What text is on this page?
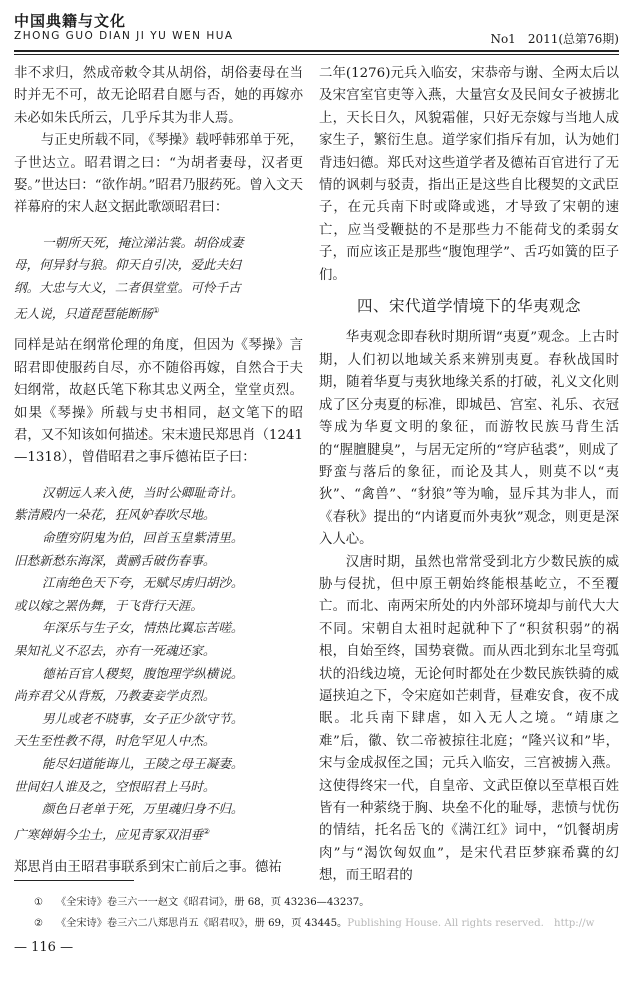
中国典籍与文化
ZHONG GUO DIAN JI YU WEN HUA	No1　2011(总第76期)

非不求归，然成帝敕令其从胡俗，胡俗妻母在当时并无不可，故无论昭君自愿与否，她的再嫁亦未必如朱氏所云，几乎斥其为非人焉。

与正史所载不同，《琴操》载呼韩邪单于死，子世达立。昭君谓之曰：“为胡者妻母，汉者更娶。”世达曰：“欲作胡。”昭君乃服药死。曾入文天祥幕府的宋人赵文据此歌颂昭君曰：

一朝所天死，掩泣涕沾裳。胡俗成妻
母，何异豺与狼。仰天自引决，爱此夫妇
纲。大忠与大义，二者俱堂堂。可怜千古
无人说，只道琵琶能断肠①

同样是站在纲常伦理的角度，但因为《琴操》言昭君即使服药自尽，亦不随俗再嫁，自然合于夫妇纲常，故赵氏笔下称其忠义两全，堂堂贞烈。如果《琴操》所载与史书相同，赵文笔下的昭君，又不知该如何描述。宋末遗民郑思肖（1241—1318），曾借昭君之事斥德祐臣子曰：

汉朝远人来入使，当时公卿耻奇计。
紫清殿内一朵花，狂风妒春吹尽地。
命堕穷阴鬼为伯，回首玉皇紫清里。
旧愁新愁东海深，黄鹂舌破伤春事。
江南绝色天下夸，无赋尽虏归胡沙。
或以嫁之罴伪舞，于飞背行天涯。
年深乐与生子女，情热比翼忘苦嗟。
果知礼义不忍去，亦有一死魂还家。
德祐百官人稷契，腹饱理学纵横说。
尚弃君父从背叛，乃教妻妾学贞烈。
男儿或老不晓事，女子正少欲守节。
天生至性教不得，时危罕见人中杰。
能尽妇道能诲儿，王陵之母王凝妻。
世间妇人谁及之，空恨昭君上马时。
颜色日老单于死，万里魂归身不归。
广寒婵娟今尘土，应见青冢双泪垂②

郑思肖由王昭君事联系到宋亡前后之事。德祐

二年(1276)元兵入临安，宋恭帝与谢、全两太后以及宋宫室官吏等入燕，大量宫女及民间女子被掳北上，天长日久，风貌霜催，只好无奈嫁与当地人成家生子，繁衍生息。道学家们指斥有加，认为她们背违妇德。郑氏对这些道学者及德祐百官进行了无情的讽刺与驳责，指出正是这些自比稷契的文武臣子，在元兵南下时或降或逃，才导致了宋朝的速亡，应当受鞭挞的不是那些力不能荷戈的柔弱女子，而应该正是那些“腹饱理学”、舌巧如簧的臣子们。

四、宋代道学情境下的华夷观念

华夷观念即春秋时期所谓“夷夏”观念。上古时期，人们初以地域关系来辨别夷夏。春秋战国时期，随着华夏与夷狄地缘关系的打破，礼义文化则成了区分夷夏的标准，即城邑、宫室、礼乐、衣冠等成为华夏文明的象征，而游牧民族马背生活的“腥膻腱臭”，与居无定所的“穹庐毡裘”，则成了野蛮与落后的象征，而论及其人，则莫不以“夷狄”、“禽兽”、“豺狼”等为喻，显斥其为非人，而《春秋》提出的“内诸夏而外夷狄”观念，则更是深入人心。

汉唐时期，虽然也常常受到北方少数民族的威胁与侵扰，但中原王朝始终能根基屹立，不至覆亡。而北、南两宋所处的内外部环境却与前代大大不同。宋朝自太祖时起就种下了“积贫积弱”的祸根，自始至终，国势衰微。而从西北到东北呈弯弧状的沿线边境，无论何时都处在少数民族铁骑的威逼挟迫之下，令宋庭如芒刺背，昼难安食，夜不成眠。北兵南下肆虐，如入无人之境。“靖康之难”后，徽、钦二帝被掠往北庭；“隆兴议和”毕，宋与金成叔侄之国；元兵入临安，三宫被掳入燕。这使得终宋一代，自皇帝、文武臣僚以至草根百姓皆有一种萦绕于胸、块垒不化的耻辱，悲愤与忧伤的情结，托名岳飞的《满江红》词中，“饥餐胡虏肉”与“渴饮匈奴血”，是宋代君臣梦寐希冀的幻想，而王昭君的

① 《全宋诗》卷三六一一赵文《昭君词》，册 68，页 43236—43237。
② 《全宋诗》卷三六二八郑思肖五《昭君叹》，册 69，页 43445。Publishing House. All rights reserved.　http://w
— 116 —
